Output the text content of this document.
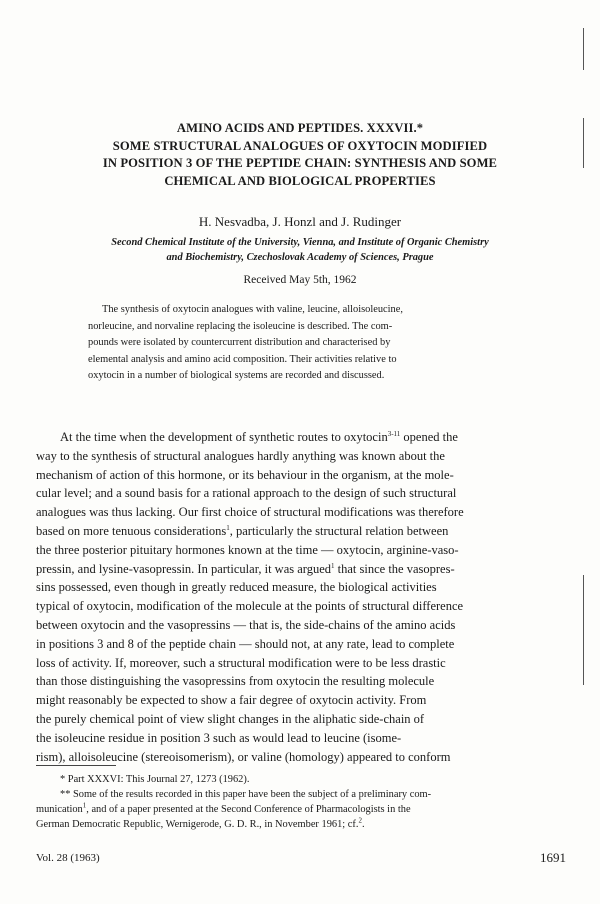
AMINO ACIDS AND PEPTIDES. XXXVII.*
SOME STRUCTURAL ANALOGUES OF OXYTOCIN MODIFIED
IN POSITION 3 OF THE PEPTIDE CHAIN: SYNTHESIS AND SOME
CHEMICAL AND BIOLOGICAL PROPERTIES
H. Nesvadba, J. Honzl and J. Rudinger
Second Chemical Institute of the University, Vienna, and Institute of Organic Chemistry
and Biochemistry, Czechoslovak Academy of Sciences, Prague
Received May 5th, 1962
The synthesis of oxytocin analogues with valine, leucine, alloisoleucine,
norleucine, and norvaline replacing the isoleucine is described. The com-
pounds were isolated by countercurrent distribution and characterised by
elemental analysis and amino acid composition. Their activities relative to
oxytocin in a number of biological systems are recorded and discussed.
At the time when the development of synthetic routes to oxytocin$^{3-11}$ opened the
way to the synthesis of structural analogues hardly anything was known about the
mechanism of action of this hormone, or its behaviour in the organism, at the mole-
cular level; and a sound basis for a rational approach to the design of such structural
analogues was thus lacking. Our first choice of structural modifications was therefore
based on more tenuous considerations$^1$, particularly the structural relation between
the three posterior pituitary hormones known at the time — oxytocin, arginine-vaso-
pressin, and lysine-vasopressin. In particular, it was argued$^1$ that since the vasopres-
sins possessed, even though in greatly reduced measure, the biological activities
typical of oxytocin, modification of the molecule at the points of structural difference
between oxytocin and the vasopressins — that is, the side-chains of the amino acids
in positions 3 and 8 of the peptide chain — should not, at any rate, lead to complete
loss of activity. If, moreover, such a structural modification were to be less drastic
than those distinguishing the vasopressins from oxytocin the resulting molecule
might reasonably be expected to show a fair degree of oxytocin activity. From
the purely chemical point of view slight changes in the aliphatic side-chain of
the isoleucine residue in position 3 such as would lead to leucine (isome-
rism), alloisoleucine (stereoisomerism), or valine (homology) appeared to conform
* Part XXXVI: This Journal 27, 1273 (1962).
** Some of the results recorded in this paper have been the subject of a preliminary com-
munication$^1$, and of a paper presented at the Second Conference of Pharmacologists in the
German Democratic Republic, Wernigerode, G. D. R., in November 1961; cf.$^2$.
Vol. 28 (1963)	1691
